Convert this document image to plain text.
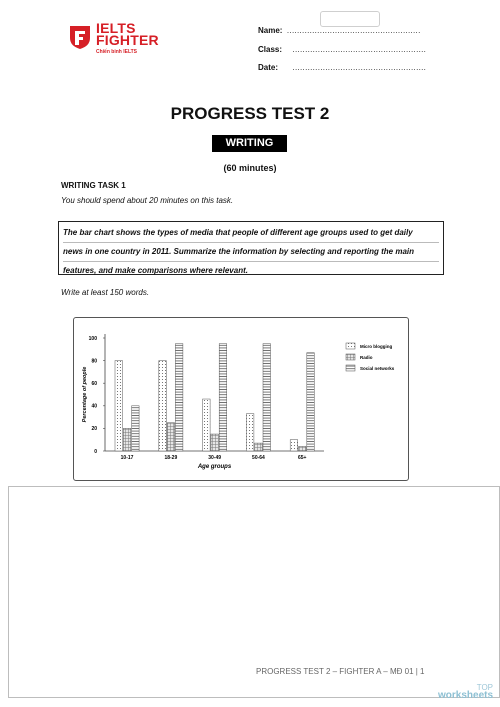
IELTS
FIGHTER
Chiến binh IELTS
Name: .....................................................
Class: .....................................................
Date: .....................................................
PROGRESS TEST 2
WRITING
(60 minutes)
WRITING TASK 1
You should spend about 20 minutes on this task.
The bar chart shows the types of media that people of different age groups used to get daily
news in one country in 2011. Summarize the information by selecting and reporting the main
features, and make comparisons where relevant.
Write at least 150 words.
0
20
40
60
80
100
Percentage of people
10-17	18-29	30-49	50-64	65+
Age groups
Micro blogging
Radio
Social networks
PROGRESS TEST 2 – FIGHTER A – MĐ 01 | 1
TOP
worksheets
